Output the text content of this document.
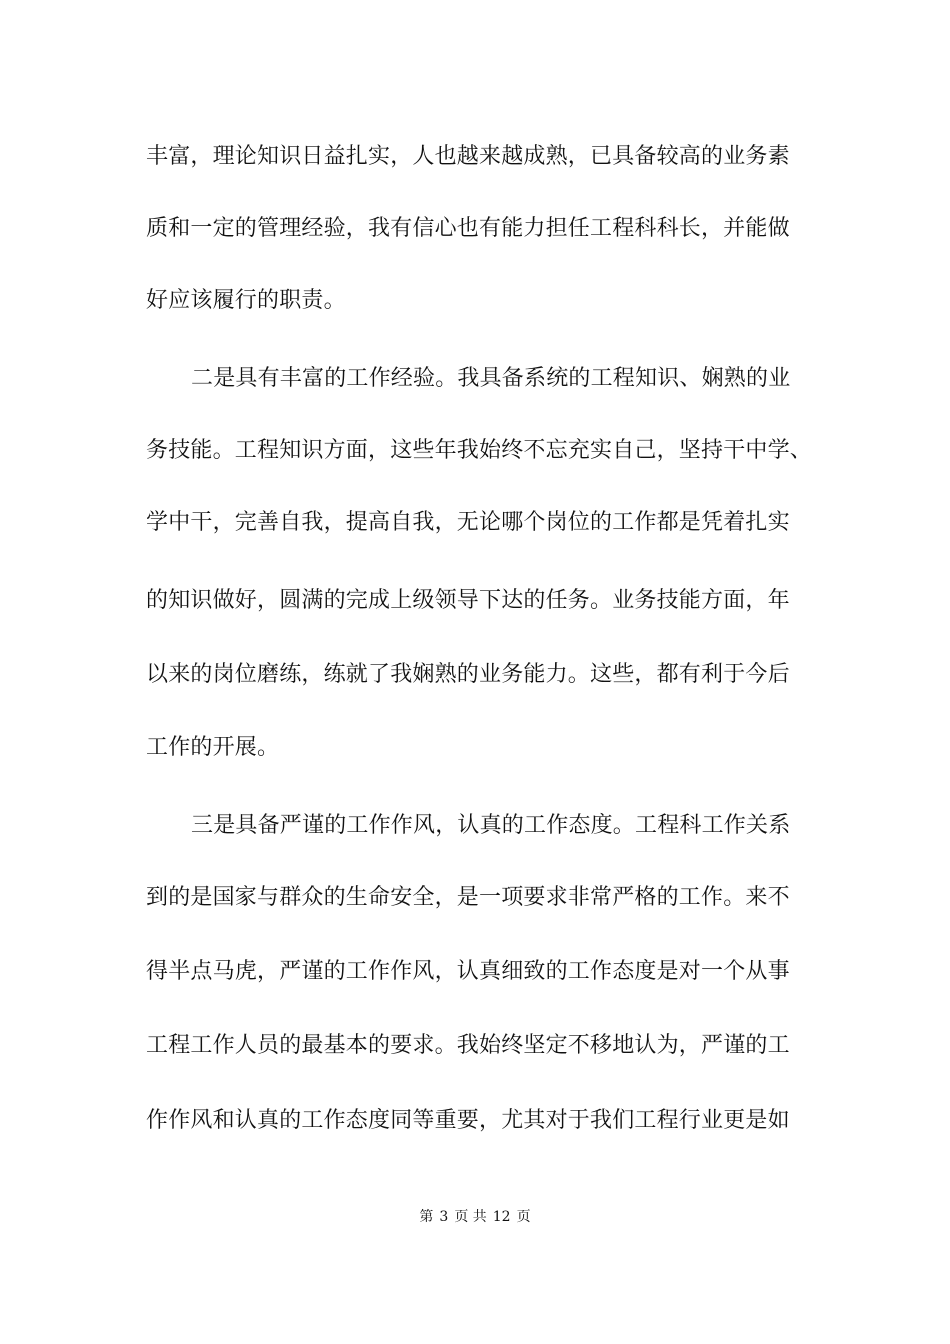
丰富，理论知识日益扎实，人也越来越成熟，已具备较高的业务素
质和一定的管理经验，我有信心也有能力担任工程科科长，并能做
好应该履行的职责。
二是具有丰富的工作经验。我具备系统的工程知识、娴熟的业
务技能。工程知识方面，这些年我始终不忘充实自己，坚持干中学、
学中干，完善自我，提高自我，无论哪个岗位的工作都是凭着扎实
的知识做好，圆满的完成上级领导下达的任务。业务技能方面，年
以来的岗位磨练，练就了我娴熟的业务能力。这些，都有利于今后
工作的开展。
三是具备严谨的工作作风，认真的工作态度。工程科工作关系
到的是国家与群众的生命安全，是一项要求非常严格的工作。来不
得半点马虎，严谨的工作作风，认真细致的工作态度是对一个从事
工程工作人员的最基本的要求。我始终坚定不移地认为，严谨的工
作作风和认真的工作态度同等重要，尤其对于我们工程行业更是如
第 3 页 共 12 页
